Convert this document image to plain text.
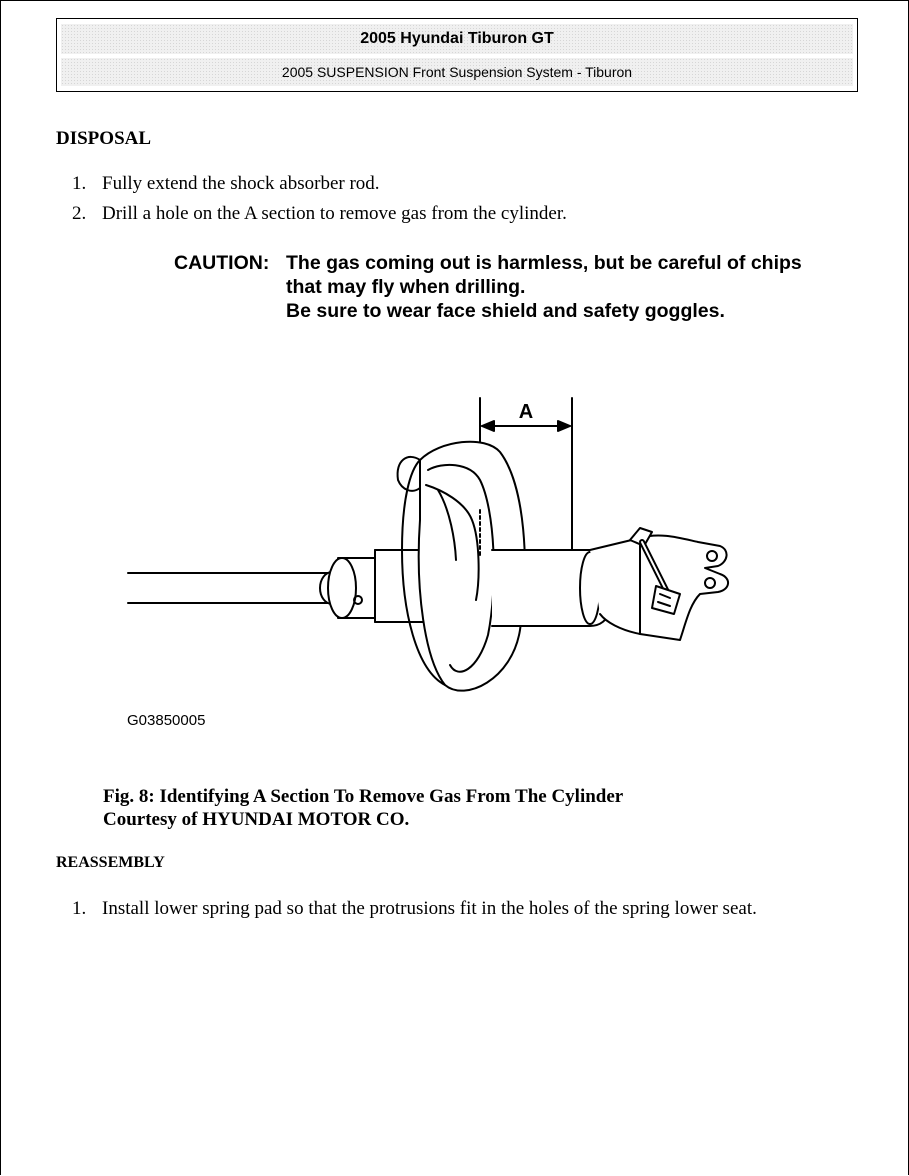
2005 Hyundai Tiburon GT
2005 SUSPENSION Front Suspension System - Tiburon
DISPOSAL
1. Fully extend the shock absorber rod.
2. Drill a hole on the A section to remove gas from the cylinder.
CAUTION: The gas coming out is harmless, but be careful of chips
that may fly when drilling.
Be sure to wear face shield and safety goggles.
A
G03850005
Fig. 8: Identifying A Section To Remove Gas From The Cylinder
Courtesy of HYUNDAI MOTOR CO.
REASSEMBLY
1. Install lower spring pad so that the protrusions fit in the holes of the spring lower seat.
